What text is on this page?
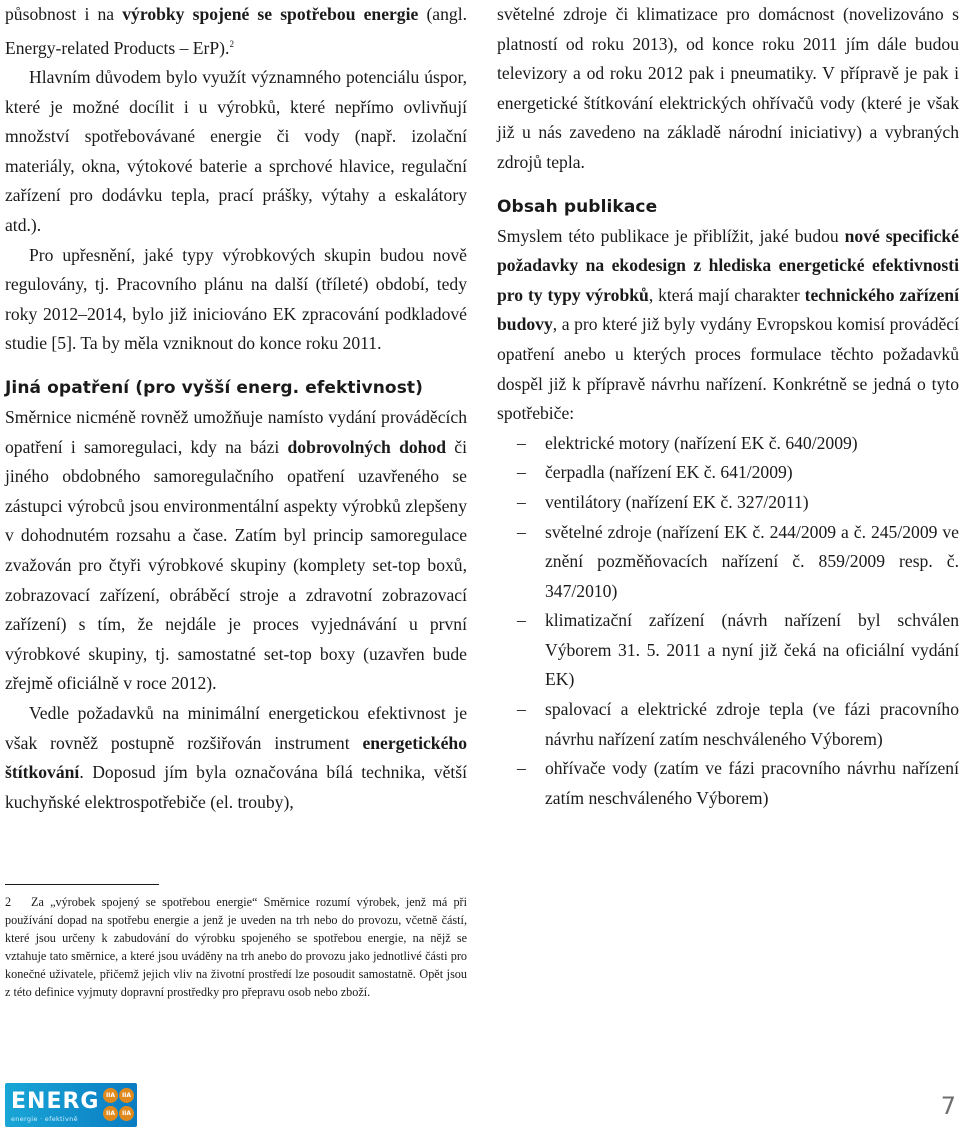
působnost i na výrobky spojené se spotřebou energie (angl. Energy-related Products – ErP).$^2$

Hlavním důvodem bylo využít významného potenciálu úspor, které je možné docílit i u výrobků, které nepřímo ovlivňují množství spotřebovávané energie či vody (např. izolační materiály, okna, výtokové baterie a sprchové hlavice, regulační zařízení pro dodávku tepla, prací prášky, výtahy a eskalátory atd.).

Pro upřesnění, jaké typy výrobkových skupin budou nově regulovány, tj. Pracovního plánu na další (tříleté) období, tedy roky 2012–2014, bylo již iniciováno EK zpracování podkladové studie [5]. Ta by měla vzniknout do konce roku 2011.

Jiná opatření (pro vyšší energ. efektivnost)

Směrnice nicméně rovněž umožňuje namísto vydání prováděcích opatření i samoregulaci, kdy na bázi dobrovolných dohod či jiného obdobného samoregulačního opatření uzavřeného se zástupci výrobců jsou environmentální aspekty výrobků zlepšeny v dohodnutém rozsahu a čase. Zatím byl princip samoregulace zvažován pro čtyři výrobkové skupiny (komplety set-top boxů, zobrazovací zařízení, obráběcí stroje a zdravotní zobrazovací zařízení) s tím, že nejdále je proces vyjednávání u první výrobkové skupiny, tj. samostatné set-top boxy (uzavřen bude zřejmě oficiálně v roce 2012).

Vedle požadavků na minimální energetickou efektivnost je však rovněž postupně rozšiřován instrument energetického štítkování. Doposud jím byla označována bílá technika, větší kuchyňské elektrospotřebiče (el. trouby),

světelné zdroje či klimatizace pro domácnost (novelizováno s platností od roku 2013), od konce roku 2011 jím dále budou televizory a od roku 2012 pak i pneumatiky. V přípravě je pak i energetické štítkování elektrických ohřívačů vody (které je však již u nás zavedeno na základě národní iniciativy) a vybraných zdrojů tepla.

Obsah publikace

Smyslem této publikace je přiblížit, jaké budou nové specifické požadavky na ekodesign z hlediska energetické efektivnosti pro ty typy výrobků, která mají charakter technického zařízení budovy, a pro které již byly vydány Evropskou komisí prováděcí opatření anebo u kterých proces formulace těchto požadavků dospěl již k přípravě návrhu nařízení. Konkrétně se jedná o tyto spotřebiče:

– elektrické motory (nařízení EK č. 640/2009)
– čerpadla (nařízení EK č. 641/2009)
– ventilátory (nařízení EK č. 327/2011)
– světelné zdroje (nařízení EK č. 244/2009 a č. 245/2009 ve znění pozměňovacích nařízení č. 859/2009 resp. č. 347/2010)
– klimatizační zařízení (návrh nařízení byl schválen Výborem 31. 5. 2011 a nyní již čeká na oficiální vydání EK)
– spalovací a elektrické zdroje tepla (ve fázi pracovního návrhu nařízení zatím neschváleného Výborem)
– ohřívače vody (zatím ve fázi pracovního návrhu nařízení zatím neschváleného Výborem)
2 Za „výrobek spojený se spotřebou energie“ Směrnice rozumí výrobek, jenž má při používání dopad na spotřebu energie a jenž je uveden na trh nebo do provozu, včetně částí, které jsou určeny k zabudování do výrobku spojeného se spotřebou energie, na nějž se vztahuje tato směrnice, a které jsou uváděny na trh anebo do provozu jako jednotlivé části pro konečné uživatele, přičemž jejich vliv na životní prostředí lze posoudit samostatně. Opět jsou z této definice vyjmuty dopravní prostředky pro přepravu osob nebo zboží.
ENERG
energie · efektivně
IIA	IIA
IIA	IIA	7
